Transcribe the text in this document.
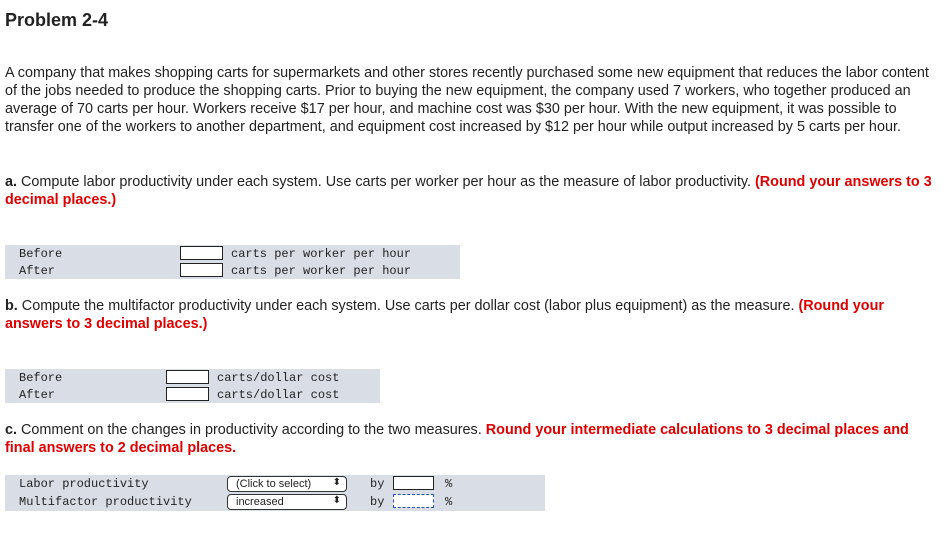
Problem 2-4
A company that makes shopping carts for supermarkets and other stores recently purchased some new equipment that reduces the labor content of the jobs needed to produce the shopping carts. Prior to buying the new equipment, the company used 7 workers, who together produced an average of 70 carts per hour. Workers receive $17 per hour, and machine cost was $30 per hour. With the new equipment, it was possible to transfer one of the workers to another department, and equipment cost increased by $12 per hour while output increased by 5 carts per hour.
a. Compute labor productivity under each system. Use carts per worker per hour as the measure of labor productivity. (Round your answers to 3 decimal places.)
Before	carts per worker per hour
After	carts per worker per hour
b. Compute the multifactor productivity under each system. Use carts per dollar cost (labor plus equipment) as the measure. (Round your answers to 3 decimal places.)
Before	carts/dollar cost
After	carts/dollar cost
c. Comment on the changes in productivity according to the two measures. Round your intermediate calculations to 3 decimal places and final answers to 2 decimal places.
Labor productivity	(Click to select) ⬍ by	%
Multifactor productivity	increased	⬍ by	%
